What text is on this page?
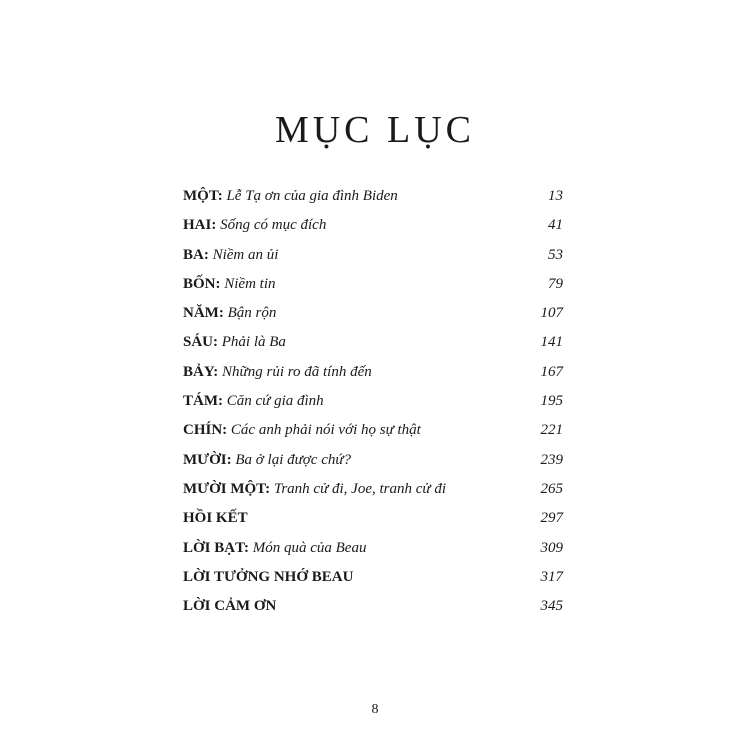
MỤC LỤC
MỘT: Lễ Tạ ơn của gia đình Biden	13
HAI: Sống có mục đích	41
BA: Niềm an ủi	53
BỐN: Niềm tin	79
NĂM: Bận rộn	107
SÁU: Phải là Ba	141
BẢY: Những rủi ro đã tính đến	167
TÁM: Căn cứ gia đình	195
CHÍN: Các anh phải nói với họ sự thật	221
MƯỜI: Ba ở lại được chứ?	239
MƯỜI MỘT: Tranh cử đi, Joe, tranh cử đi	265
HỒI KẾT	297
LỜI BẠT: Món quà của Beau	309
LỜI TƯỞNG NHỚ BEAU	317
LỜI CẢM ƠN	345
8
